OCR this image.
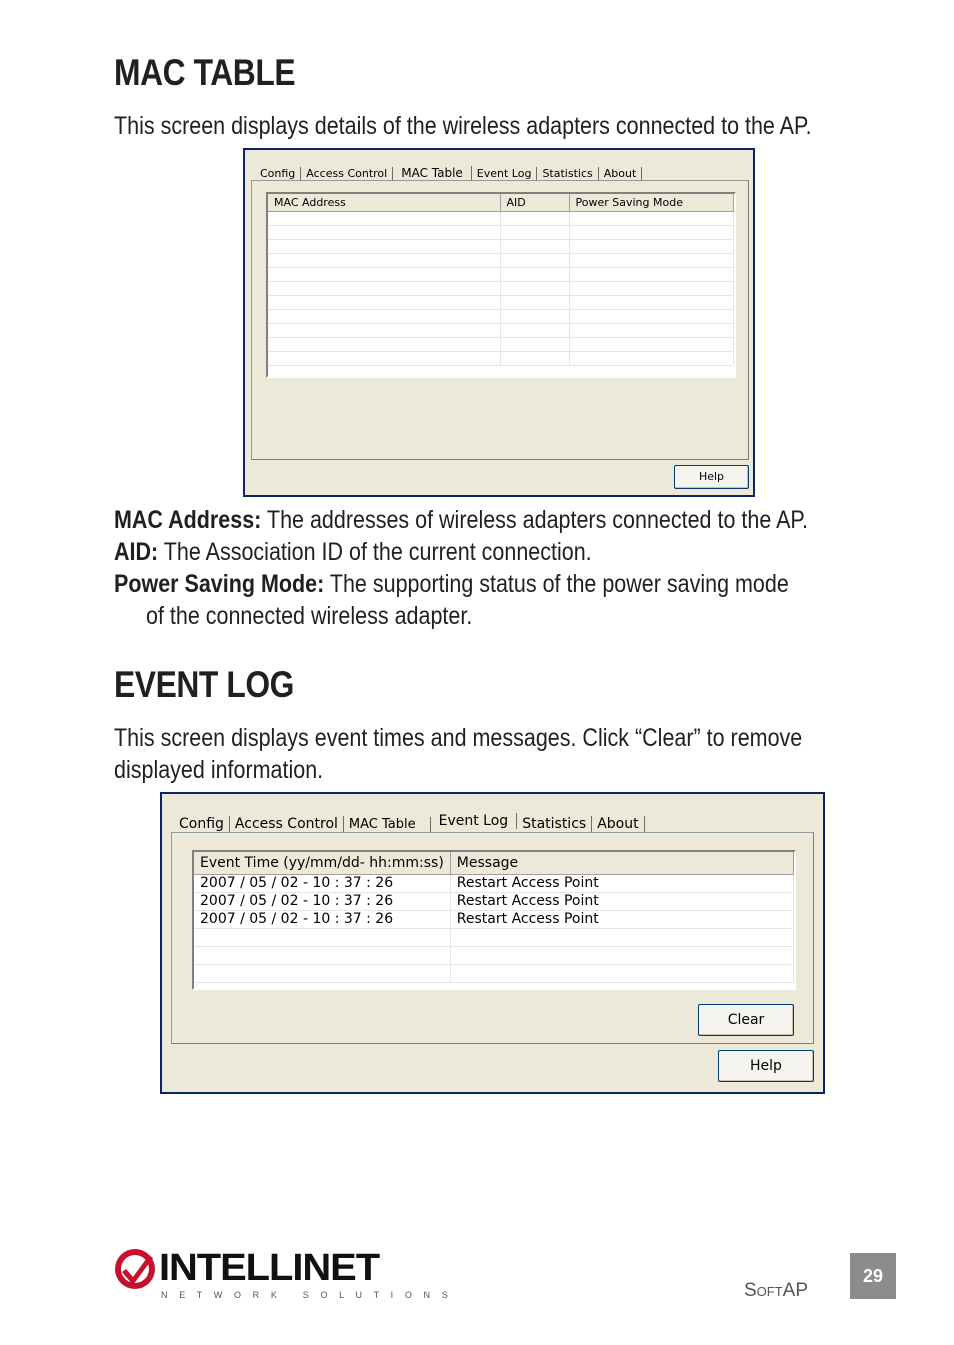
MAC TABLE
This screen displays details of the wireless adapters connected to the AP.
Config	Access Control	MAC Table	Event Log	Statistics	About
MAC Address	AID	Power Saving Mode

Help
MAC Address: The addresses of wireless adapters connected to the AP.
AID: The Association ID of the current connection.
Power Saving Mode: The supporting status of the power saving mode
of the connected wireless adapter.
EVENT LOG
This screen displays event times and messages. Click “Clear” to remove
displayed information.
Config Access Control MAC Table	Event Log	Statistics About
Event Time (yy/mm/dd- hh:mm:ss)	Message
2007 / 05 / 02 - 10 : 37 : 26	Restart Access Point
2007 / 05 / 02 - 10 : 37 : 26	Restart Access Point
2007 / 05 / 02 - 10 : 37 : 26	Restart Access Point

Clear
Help
INTELLINET
N E T W O R K   S O L U T I O N S	SoftAP
29
